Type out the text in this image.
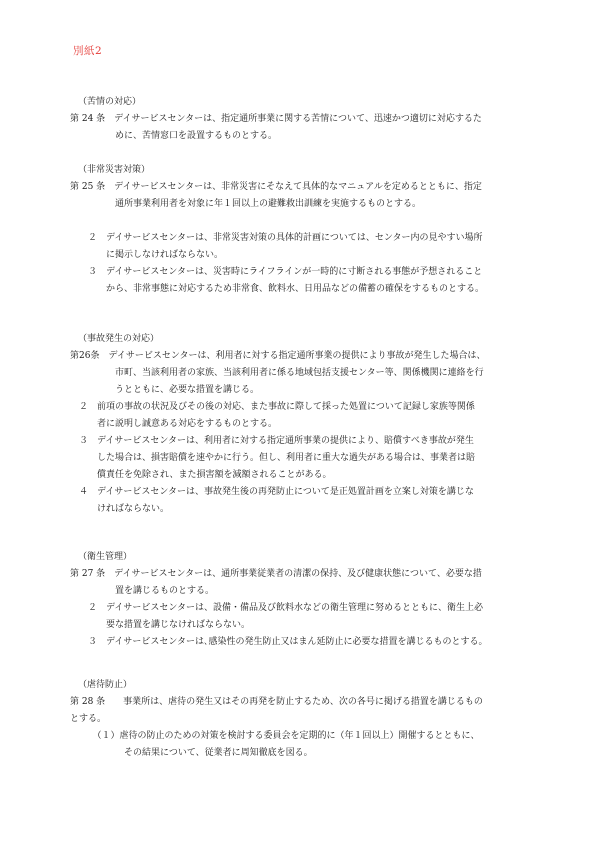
別紙2
（苦情の対応）
第 24 条　デイサービスセンターは、指定通所事業に関する苦情について、迅速かつ適切に対応するた
　　　　　めに、苦情窓口を設置するものとする。
（非常災害対策）
第 25 条　デイサービスセンターは、非常災害にそなえて具体的なマニュアルを定めるとともに、指定
　　　　　通所事業利用者を対象に年１回以上の避難救出訓練を実施するものとする。

　　２　デイサービスセンターは、非常災害対策の具体的計画については、センター内の見やすい場所
　　　　に掲示しなければならない。
　　３　デイサービスセンターは、災害時にライフラインが一時的に寸断される事態が予想されること
　　　　から、非常事態に対応するため非常食、飲料水、日用品などの備蓄の確保をするものとする。
（事故発生の対応）
第26条　デイサービスセンターは、利用者に対する指定通所事業の提供により事故が発生した場合は、
　　　　　市町、当該利用者の家族、当該利用者に係る地域包括支援センター等、関係機関に連絡を行
　　　　　うとともに、必要な措置を講じる。
　２　前項の事故の状況及びその後の対応、また事故に際して採った処置について記録し家族等関係
　　　者に説明し誠意ある対応をするものとする。
　３　デイサービスセンターは、利用者に対する指定通所事業の提供により、賠償すべき事故が発生
　　　した場合は、損害賠償を速やかに行う。但し、利用者に重大な過失がある場合は、事業者は賠
　　　償責任を免除され、また損害額を減額されることがある。
　４　デイサービスセンターは、事故発生後の再発防止について是正処置計画を立案し対策を講じな
　　　ければならない。
（衛生管理）
第 27 条　デイサービスセンターは、通所事業従業者の清潔の保持、及び健康状態について、必要な措
　　　　　置を講じるものとする。
　　２　デイサービスセンターは、設備・備品及び飲料水などの衛生管理に努めるとともに、衛生上必
　　　　要な措置を講じなければならない。
　　３　デイサービスセンターは､感染性の発生防止又はまん延防止に必要な措置を講じるものとする。
（虐待防止）
第 28 条　　事業所は、虐待の発生又はその再発を防止するため、次の各号に掲げる措置を講じるもの
とする。
　　　（１）虐待の防止のための対策を検討する委員会を定期的に（年１回以上）開催するとともに、
　　　　　　その結果について、従業者に周知徹底を図る。
